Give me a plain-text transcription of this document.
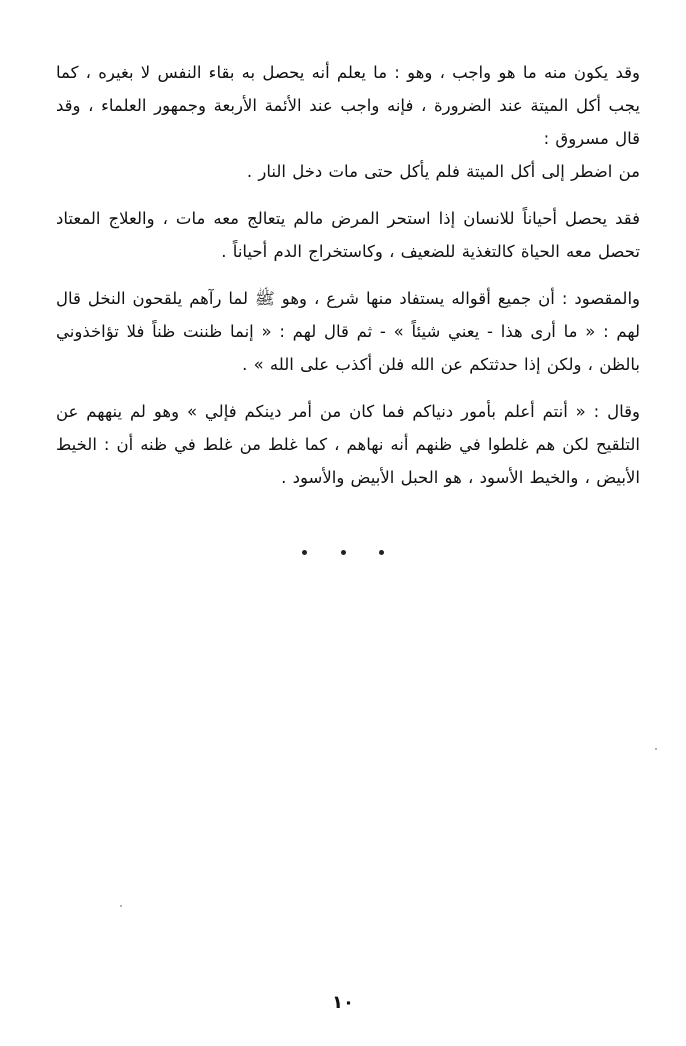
وقد يكون منه ما هو واجب ، وهو : ما يعلم أنه يحصل به بقاء النفس لا بغيره ، كما يجب أكل الميتة عند الضرورة ، فإنه واجب عند الأئمة الأربعة وجمهور العلماء ، وقد قال مسروق :

من اضطر إلى أكل الميتة فلم يأكل حتى مات دخل النار .

فقد يحصل أحياناً للانسان إذا استحر المرض مالم يتعالج معه مات ، والعلاج المعتاد تحصل معه الحياة كالتغذية للضعيف ، وكاستخراج الدم أحياناً .

والمقصود : أن جميع أقواله يستفاد منها شرع ، وهو ﷺ لما رآهم يلقحون النخل قال لهم : « ما أرى هذا - يعني شيئاً » - ثم قال لهم : « إنما ظننت ظناً فلا تؤاخذوني بالظن ، ولكن إذا حدثتكم عن الله فلن أكذب على الله » .

وقال : « أنتم أعلم بأمور دنياكم فما كان من أمر دينكم فإلي » وهو لم ينههم عن التلقيح لكن هم غلطوا في ظنهم أنه نهاهم ، كما غلط من غلط في ظنه أن : الخيط الأبيض ، والخيط الأسود ، هو الحبل الأبيض والأسود .

١٠
